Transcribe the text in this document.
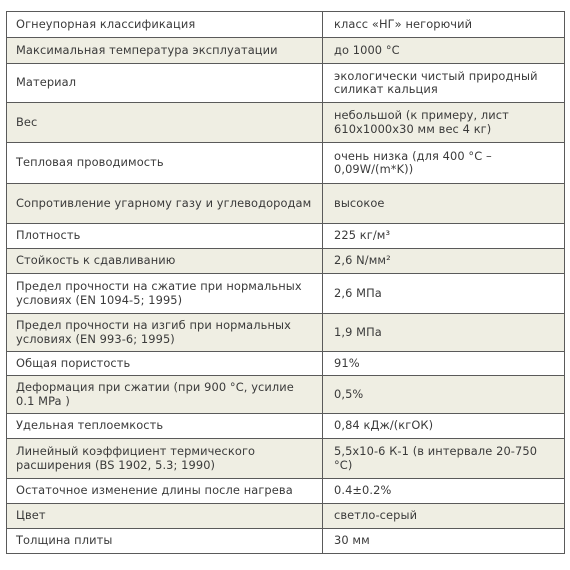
Огнеупорная классификация	класс «НГ» негорючий
Максимальная температура эксплуатации	до 1000 °С
Материал	экологически чистый природный силикат кальция
Вес	небольшой (к примеру, лист 610х1000х30 мм вес 4 кг)
Тепловая проводимость	очень низка (для 400 °С – 0,09W/(m*K))
Сопротивление угарному газу и углеводородам	высокое
Плотность	225 кг/м³
Стойкость к сдавливанию	2,6 N/мм²
Предел прочности на сжатие при нормальных условиях (EN 1094-5; 1995)	2,6 МПа
Предел прочности на изгиб при нормальных условиях (EN 993-6; 1995)	1,9 МПа
Общая пористость	91%
Деформация при сжатии (при 900 °С, усилие 0.1 MPa )	0,5%
Удельная теплоемкость	0,84 кДж/(кгОК)
Линейный коэффициент термического расширения (BS 1902, 5.3; 1990)	5,5х10-6 К-1 (в интервале 20-750 °С)
Остаточное изменение длины после нагрева	0.4±0.2%
Цвет	светло-серый
Толщина плиты	30 мм
